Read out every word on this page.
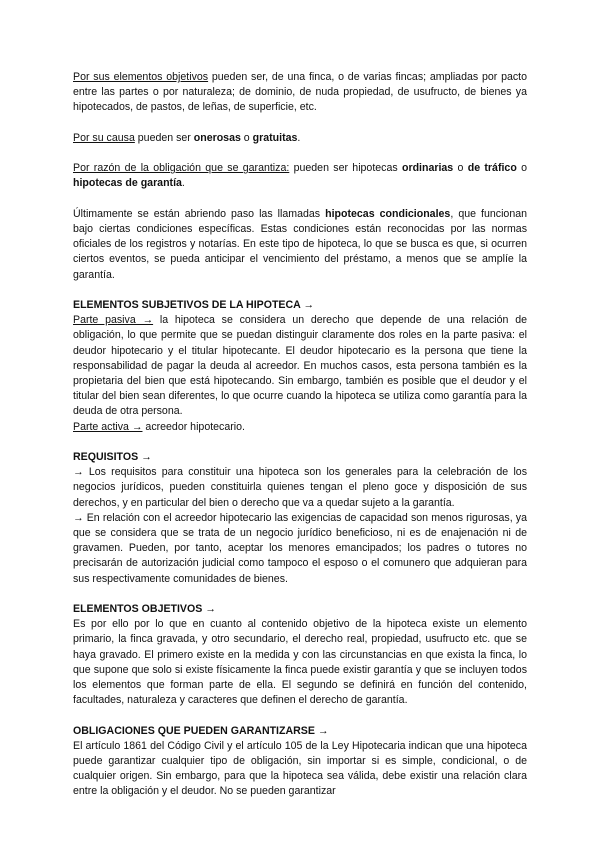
Por sus elementos objetivos pueden ser, de una finca, o de varias fincas; ampliadas por pacto entre las partes o por naturaleza; de dominio, de nuda propiedad, de usufructo, de bienes ya hipotecados, de pastos, de leñas, de superficie, etc.

Por su causa pueden ser onerosas o gratuitas.

Por razón de la obligación que se garantiza: pueden ser hipotecas ordinarias o de tráfico o hipotecas de garantía.

Últimamente se están abriendo paso las llamadas hipotecas condicionales, que funcionan bajo ciertas condiciones específicas. Estas condiciones están reconocidas por las normas oficiales de los registros y notarías. En este tipo de hipoteca, lo que se busca es que, si ocurren ciertos eventos, se pueda anticipar el vencimiento del préstamo, a menos que se amplíe la garantía.

ELEMENTOS SUBJETIVOS DE LA HIPOTECA →

Parte pasiva → la hipoteca se considera un derecho que depende de una relación de obligación, lo que permite que se puedan distinguir claramente dos roles en la parte pasiva: el deudor hipotecario y el titular hipotecante. El deudor hipotecario es la persona que tiene la responsabilidad de pagar la deuda al acreedor. En muchos casos, esta persona también es la propietaria del bien que está hipotecando. Sin embargo, también es posible que el deudor y el titular del bien sean diferentes, lo que ocurre cuando la hipoteca se utiliza como garantía para la deuda de otra persona.

Parte activa → acreedor hipotecario.

REQUISITOS →

→ Los requisitos para constituir una hipoteca son los generales para la celebración de los negocios jurídicos, pueden constituirla quienes tengan el pleno goce y disposición de sus derechos, y en particular del bien o derecho que va a quedar sujeto a la garantía.

→ En relación con el acreedor hipotecario las exigencias de capacidad son menos rigurosas, ya que se considera que se trata de un negocio jurídico beneficioso, ni es de enajenación ni de gravamen. Pueden, por tanto, aceptar los menores emancipados; los padres o tutores no precisarán de autorización judicial como tampoco el esposo o el comunero que adquieran para sus respectivamente comunidades de bienes.

ELEMENTOS OBJETIVOS →

Es por ello por lo que en cuanto al contenido objetivo de la hipoteca existe un elemento primario, la finca gravada, y otro secundario, el derecho real, propiedad, usufructo etc. que se haya gravado. El primero existe en la medida y con las circunstancias en que exista la finca, lo que supone que solo si existe físicamente la finca puede existir garantía y que se incluyen todos los elementos que forman parte de ella. El segundo se definirá en función del contenido, facultades, naturaleza y caracteres que definen el derecho de garantía.

OBLIGACIONES QUE PUEDEN GARANTIZARSE →

El artículo 1861 del Código Civil y el artículo 105 de la Ley Hipotecaria indican que una hipoteca puede garantizar cualquier tipo de obligación, sin importar si es simple, condicional, o de cualquier origen. Sin embargo, para que la hipoteca sea válida, debe existir una relación clara entre la obligación y el deudor. No se pueden garantizar
